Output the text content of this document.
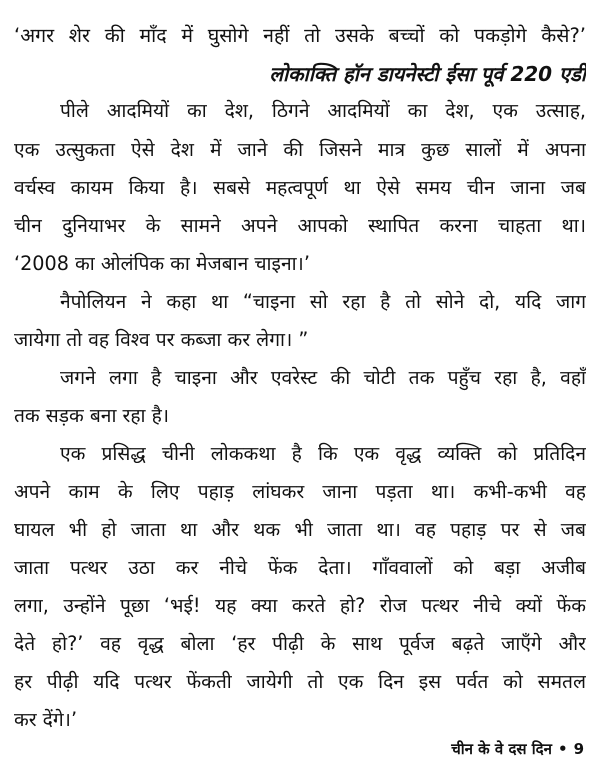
‘अगर शेर की माँद में घुसोगे नहीं तो उसके बच्चों को पकड़ोगे कैसे?’
लोकाक्ति हॉन डायनेस्टी ईसा पूर्व 220 एडी
पीले आदमियों का देश, ठिगने आदमियों का देश, एक उत्साह,
एक उत्सुकता ऐसे देश में जाने की जिसने मात्र कुछ सालों में अपना
वर्चस्व कायम किया है। सबसे महत्वपूर्ण था ऐसे समय चीन जाना जब
चीन दुनियाभर के सामने अपने आपको स्थापित करना चाहता था।
‘2008 का ओलंपिक का मेजबान चाइना।’
नैपोलियन ने कहा था “चाइना सो रहा है तो सोने दो, यदि जाग
जायेगा तो वह विश्व पर कब्जा कर लेगा। ”
जगने लगा है चाइना और एवरेस्ट की चोटी तक पहुँच रहा है, वहाँ
तक सड़क बना रहा है।
एक प्रसिद्ध चीनी लोककथा है कि एक वृद्ध व्यक्ति को प्रतिदिन
अपने काम के लिए पहाड़ लांघकर जाना पड़ता था। कभी-कभी वह
घायल भी हो जाता था और थक भी जाता था। वह पहाड़ पर से जब
जाता पत्थर उठा कर नीचे फेंक देता। गाँववालों को बड़ा अजीब
लगा, उन्होंने पूछा ‘भई! यह क्या करते हो? रोज पत्थर नीचे क्यों फेंक
देते हो?’ वह वृद्ध बोला ‘हर पीढ़ी के साथ पूर्वज बढ़ते जाएँगे और
हर पीढ़ी यदि पत्थर फेंकती जायेगी तो एक दिन इस पर्वत को समतल
कर देंगे।’
चीन के वे दस दिन • 9
